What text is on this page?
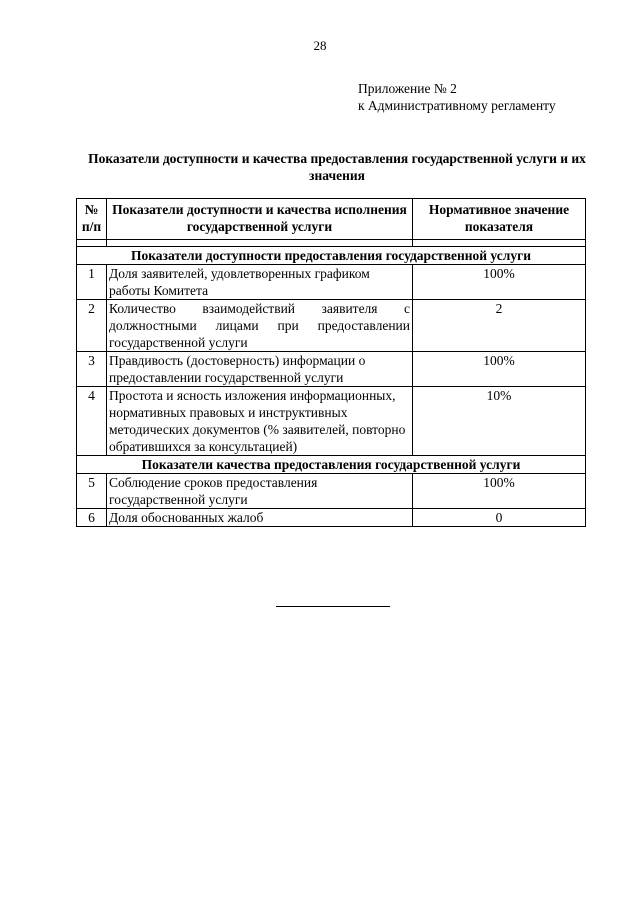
28
Приложение № 2
к Административному регламенту
Показатели доступности и качества предоставления государственной услуги и их значения
№ п/п	Показатели доступности и качества исполнения государственной услуги	Нормативное значение показателя

Показатели доступности предоставления государственной услуги		
1	Доля заявителей, удовлетворенных графиком работы Комитета	100%
2	Количество взаимодействий заявителя с должностными лицами при предоставлении государственной услуги	2
3	Правдивость (достоверность) информации о предоставлении государственной услуги	100%
4	Простота и ясность изложения информационных, нормативных правовых и инструктивных методических документов (% заявителей, повторно обратившихся за консультацией)	10%
Показатели качества предоставления государственной услуги		
5	Соблюдение сроков предоставления государственной услуги	100%
6	Доля обоснованных жалоб	0
